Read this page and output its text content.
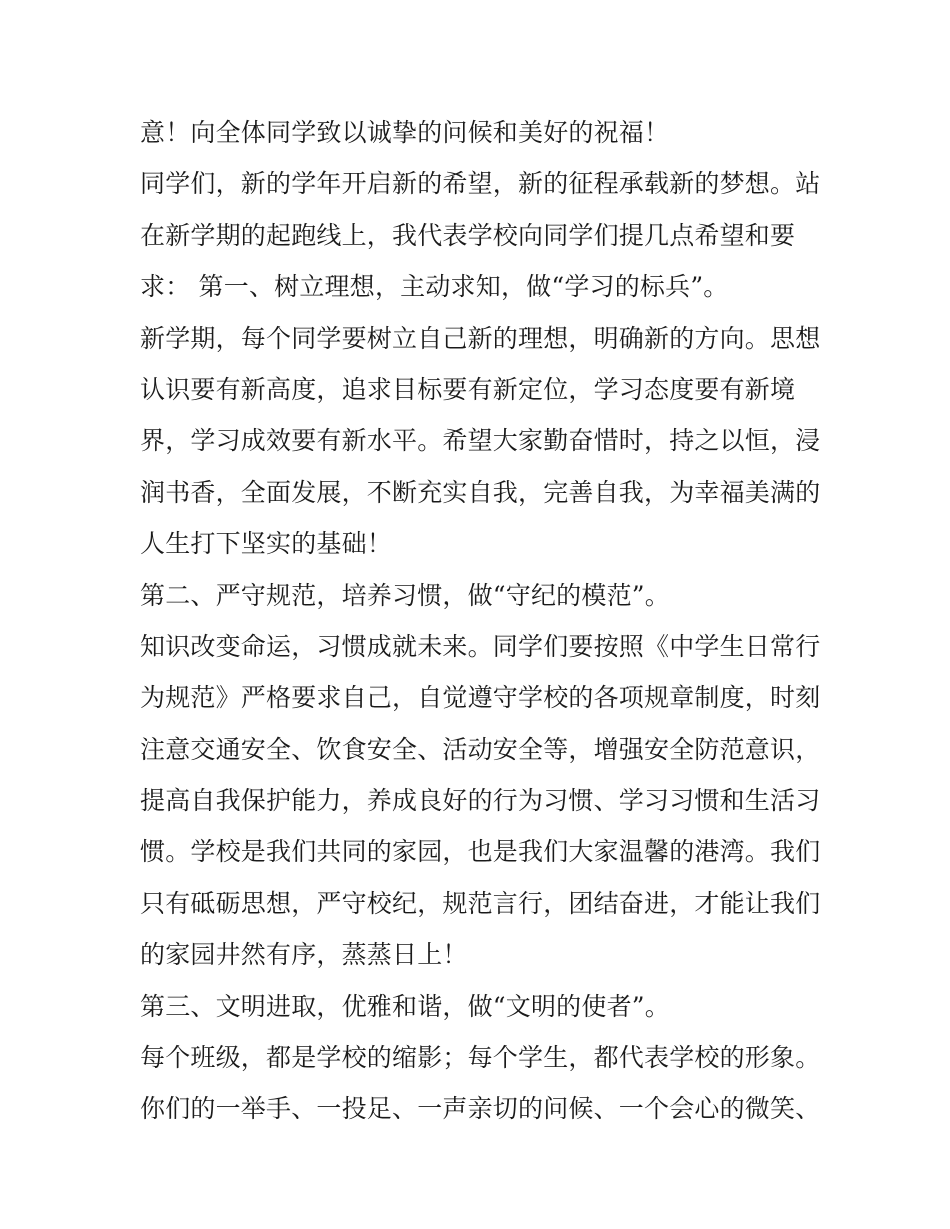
意！向全体同学致以诚挚的问候和美好的祝福！
同学们，新的学年开启新的希望，新的征程承载新的梦想。站
在新学期的起跑线上，我代表学校向同学们提几点希望和要
求： 第一、树立理想，主动求知，做“学习的标兵”。
新学期，每个同学要树立自己新的理想，明确新的方向。思想
认识要有新高度，追求目标要有新定位，学习态度要有新境
界，学习成效要有新水平。希望大家勤奋惜时，持之以恒，浸
润书香，全面发展，不断充实自我，完善自我，为幸福美满的
人生打下坚实的基础！
第二、严守规范，培养习惯，做“守纪的模范”。
知识改变命运，习惯成就未来。同学们要按照《中学生日常行
为规范》严格要求自己，自觉遵守学校的各项规章制度，时刻
注意交通安全、饮食安全、活动安全等，增强安全防范意识，
提高自我保护能力，养成良好的行为习惯、学习习惯和生活习
惯。学校是我们共同的家园，也是我们大家温馨的港湾。我们
只有砥砺思想，严守校纪，规范言行，团结奋进，才能让我们
的家园井然有序，蒸蒸日上！
第三、文明进取，优雅和谐，做“文明的使者”。
每个班级，都是学校的缩影；每个学生，都代表学校的形象。
你们的一举手、一投足、一声亲切的问候、一个会心的微笑、
